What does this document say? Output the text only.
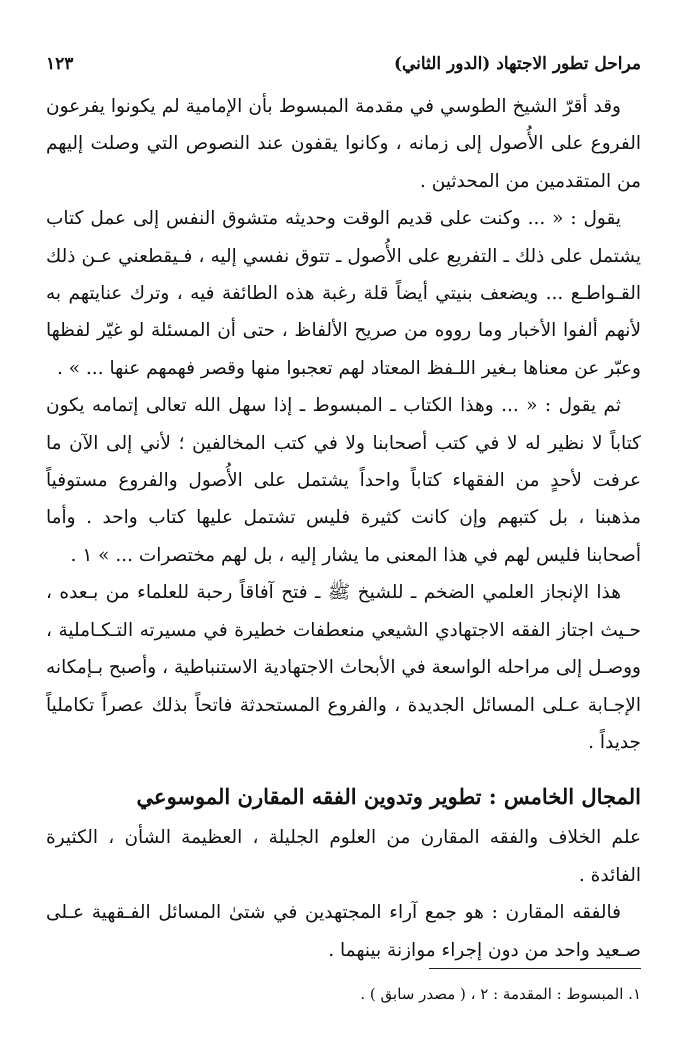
مراحل تطور الاجتهاد (الدور الثاني)
١٢٣

وقد أقرّ الشيخ الطوسي في مقدمة المبسوط بأن الإمامية لم يكونوا يفرعون الفروع على الأُصول إلى زمانه ، وكانوا يقفون عند النصوص التي وصلت إليهم من المتقدمين من المحدثين .

يقول : « ... وكنت على قديم الوقت وحديثه متشوق النفس إلى عمل كتاب يشتمل على ذلك ـ التفريع على الأُصول ـ تتوق نفسي إليه ، فـيقطعني عـن ذلك القـواطـع ... ويضعف بنيتي أيضاً قلة رغبة هذه الطائفة فيه ، وترك عنايتهم به لأنهم ألفوا الأخبار وما رووه من صريح الألفاظ ، حتى أن المسئلة لو غيّر لفظها وعبّر عن معناها بـغير اللـفظ المعتاد لهم تعجبوا منها وقصر فهمهم عنها ... » .

ثم يقول : « ... وهذا الكتاب ـ المبسوط ـ إذا سهل الله تعالى إتمامه يكون كتاباً لا نظير له لا في كتب أصحابنا ولا في كتب المخالفين ؛ لأني إلى الآن ما عرفت لأحدٍ من الفقهاء كتاباً واحداً يشتمل على الأُصول والفروع مستوفياً مذهبنا ، بل كتبهم وإن كانت كثيرة فليس تشتمل عليها كتاب واحد . وأما أصحابنا فليس لهم في هذا المعنى ما يشار إليه ، بل لهم مختصرات ... » ١ .

هذا الإنجاز العلمي الضخم ـ للشيخ ﷺ ـ فتح آفاقاً رحبة للعلماء من بـعده ، حـيث اجتاز الفقه الاجتهادي الشيعي منعطفات خطيرة في مسيرته التـكـاملية ، ووصـل إلى مراحله الواسعة في الأبحاث الاجتهادية الاستنباطية ، وأصبح بـإمكانه الإجـابة عـلى المسائل الجديدة ، والفروع المستحدثة فاتحاً بذلك عصراً تكاملياً جديداً .

المجال الخامس : تطوير وتدوين الفقه المقارن الموسوعي

علم الخلاف والفقه المقارن من العلوم الجليلة ، العظيمة الشأن ، الكثيرة الفائدة .

فالفقه المقارن : هو جمع آراء المجتهدين في شتىٰ المسائل الفـقهية عـلى صـعيد واحد من دون إجراء موازنة بينهما .

١. المبسوط : المقدمة : ٢ ، ( مصدر سابق ) .
